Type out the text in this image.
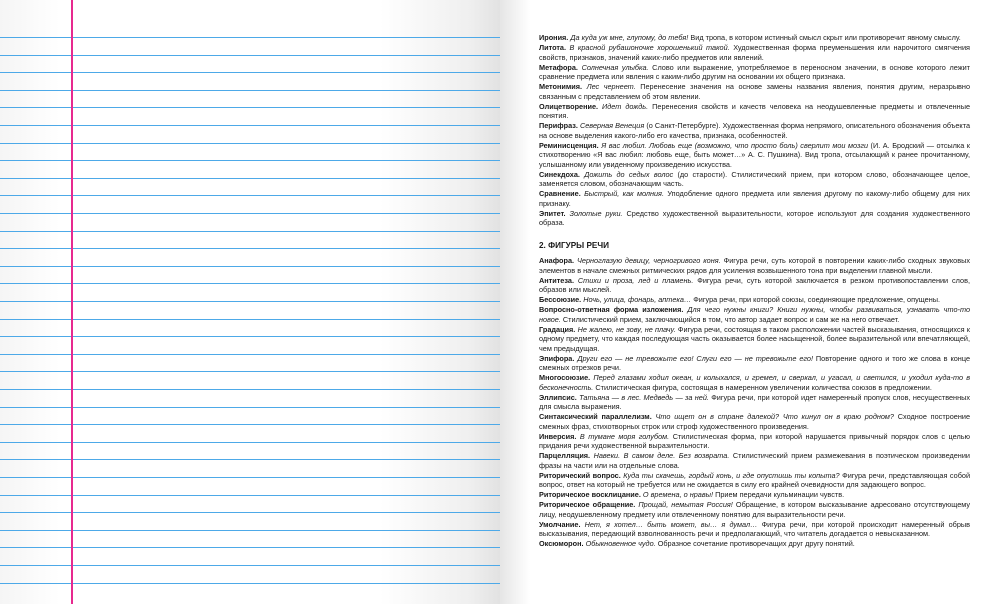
Ирония. Да куда уж мне, глупому, до тебя! Вид тропа, в котором истинный смысл скрыт или противоречит явному смыслу.
Литота. В красной рубашоночке хорошенький такой. Художественная форма преуменьшения или нарочитого смягчения свойств, признаков, значений каких-либо предметов или явлений.
Метафора. Солнечная улыбка. Слово или выражение, употребляемое в переносном значении, в основе которого лежит сравнение предмета или явления с каким-либо другим на основании их общего признака.
Метонимия. Лес чернеет. Перенесение значения на основе замены названия явления, понятия другим, неразрывно связанным с представлением об этом явлении.
Олицетворение. Идет дождь. Перенесения свойств и качеств человека на неодушевленные предметы и отвлеченные понятия.
Перифраз. Северная Венеция (о Санкт-Петербурге). Художественная форма непрямого, описательного обозначения объекта на основе выделения какого-либо его качества, признака, особенностей.
Реминисценция. Я вас любил. Любовь еще (возможно, что просто боль) сверлит мои мозги (И. А. Бродский — отсылка к стихотворению «Я вас любил: любовь еще, быть может…» А. С. Пушкина). Вид тропа, отсылающий к ранее прочитанному, услышанному или увиденному произведению искусства.
Синекдоха. Дожить до седых волос (до старости). Стилистический прием, при котором слово, обозначающее целое, заменяется словом, обозначающим часть.
Сравнение. Быстрый, как молния. Уподобление одного предмета или явления другому по какому-либо общему для них признаку.
Эпитет. Золотые руки. Средство художественной выразительности, которое используют для создания художественного образа.
2. ФИГУРЫ РЕЧИ
Анафора. Черноглазую девицу, черногривого коня. Фигура речи, суть которой в повторении каких-либо сходных звуковых элементов в начале смежных ритмических рядов для усиления возвышенного тона при выделении главной мысли.
Антитеза. Стихи и проза, лед и пламень. Фигура речи, суть которой заключается в резком противопоставлении слов, образов или мыслей.
Бессоюзие. Ночь, улица, фонарь, аптека… Фигура речи, при которой союзы, соединяющие предложение, опущены.
Вопросно-ответная форма изложения. Для чего нужны книги? Книги нужны, чтобы развиваться, узнавать что-то новое. Стилистический прием, заключающийся в том, что автор задает вопрос и сам же на него отвечает.
Градация. Не жалею, не зову, не плачу. Фигура речи, состоящая в таком расположении частей высказывания, относящихся к одному предмету, что каждая последующая часть оказывается более насыщенной, более выразительной или впечатляющей, чем предыдущая.
Эпифора. Други его — не тревожьте его! Слуги его — не тревожьте его! Повторение одного и того же слова в конце смежных отрезков речи.
Многосоюзие. Перед глазами ходил океан, и колыхался, и гремел, и сверкал, и угасал, и светился, и уходил куда-то в бесконечность. Стилистическая фигура, состоящая в намеренном увеличении количества союзов в предложении.
Эллипсис. Татьяна — в лес. Медведь — за ней. Фигура речи, при которой идет намеренный пропуск слов, несущественных для смысла выражения.
Синтаксический параллелизм. Что ищет он в стране далекой? Что кинул он в краю родном? Сходное построение смежных фраз, стихотворных строк или строф художественного произведения.
Инверсия. В тумане моря голубом. Стилистическая форма, при которой нарушается привычный порядок слов с целью придания речи художественной выразительности.
Парцелляция. Навеки. В самом деле. Без возврата. Стилистический прием размежевания в поэтическом произведении фразы на части или на отдельные слова.
Риторический вопрос. Куда ты скачешь, гордый конь, и где опустишь ты копыта? Фигура речи, представляющая собой вопрос, ответ на который не требуется или не ожидается в силу его крайней очевидности для задающего вопрос.
Риторическое восклицание. О времена, о нравы! Прием передачи кульминации чувств.
Риторическое обращение. Прощай, немытая Россия! Обращение, в котором высказывание адресовано отсутствующему лицу, неодушевленному предмету или отвлеченному понятию для выразительности речи.
Умолчание. Нет, я хотел… быть может, вы… я думал… Фигура речи, при которой происходит намеренный обрыв высказывания, передающий взволнованность речи и предполагающий, что читатель догадается о невысказанном.
Оксюморон. Обыкновенное чудо. Образное сочетание противоречащих друг другу понятий.
